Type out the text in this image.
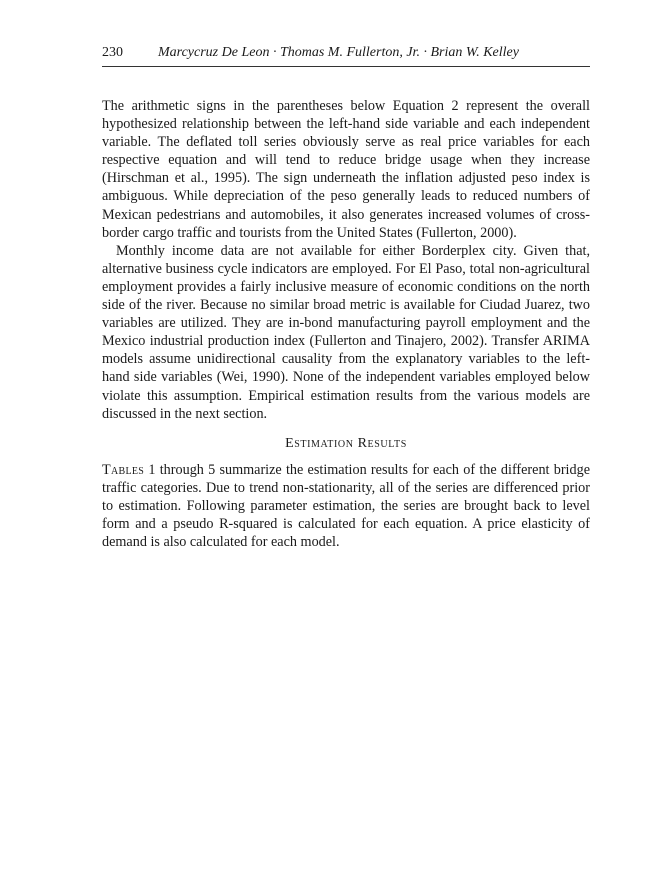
230	Marcycruz De Leon · Thomas M. Fullerton, Jr. · Brian W. Kelley

The arithmetic signs in the parentheses below Equation 2 represent the overall hypothesized relationship between the left-hand side variable and each independent variable. The deflated toll series obviously serve as real price variables for each respective equation and will tend to reduce bridge usage when they increase (Hirschman et al., 1995). The sign underneath the inflation adjusted peso index is ambiguous. While depreciation of the peso generally leads to reduced numbers of Mexican pedestrians and automobiles, it also generates increased volumes of cross-border cargo traffic and tourists from the United States (Fullerton, 2000).

Monthly income data are not available for either Borderplex city. Given that, alternative business cycle indicators are employed. For El Paso, total non-agricultural employment provides a fairly inclusive measure of economic conditions on the north side of the river. Because no similar broad metric is available for Ciudad Juarez, two variables are utilized. They are in-bond manufacturing payroll employment and the Mexico industrial production index (Fullerton and Tinajero, 2002). Transfer ARIMA models assume unidirectional causality from the explanatory variables to the left-hand side variables (Wei, 1990). None of the independent variables employed below violate this assumption. Empirical estimation results from the various models are discussed in the next section.

Estimation Results

Tables 1 through 5 summarize the estimation results for each of the different bridge traffic categories. Due to trend non-stationarity, all of the series are differenced prior to estimation. Following parameter estimation, the series are brought back to level form and a pseudo R-squared is calculated for each equation. A price elasticity of demand is also calculated for each model.
